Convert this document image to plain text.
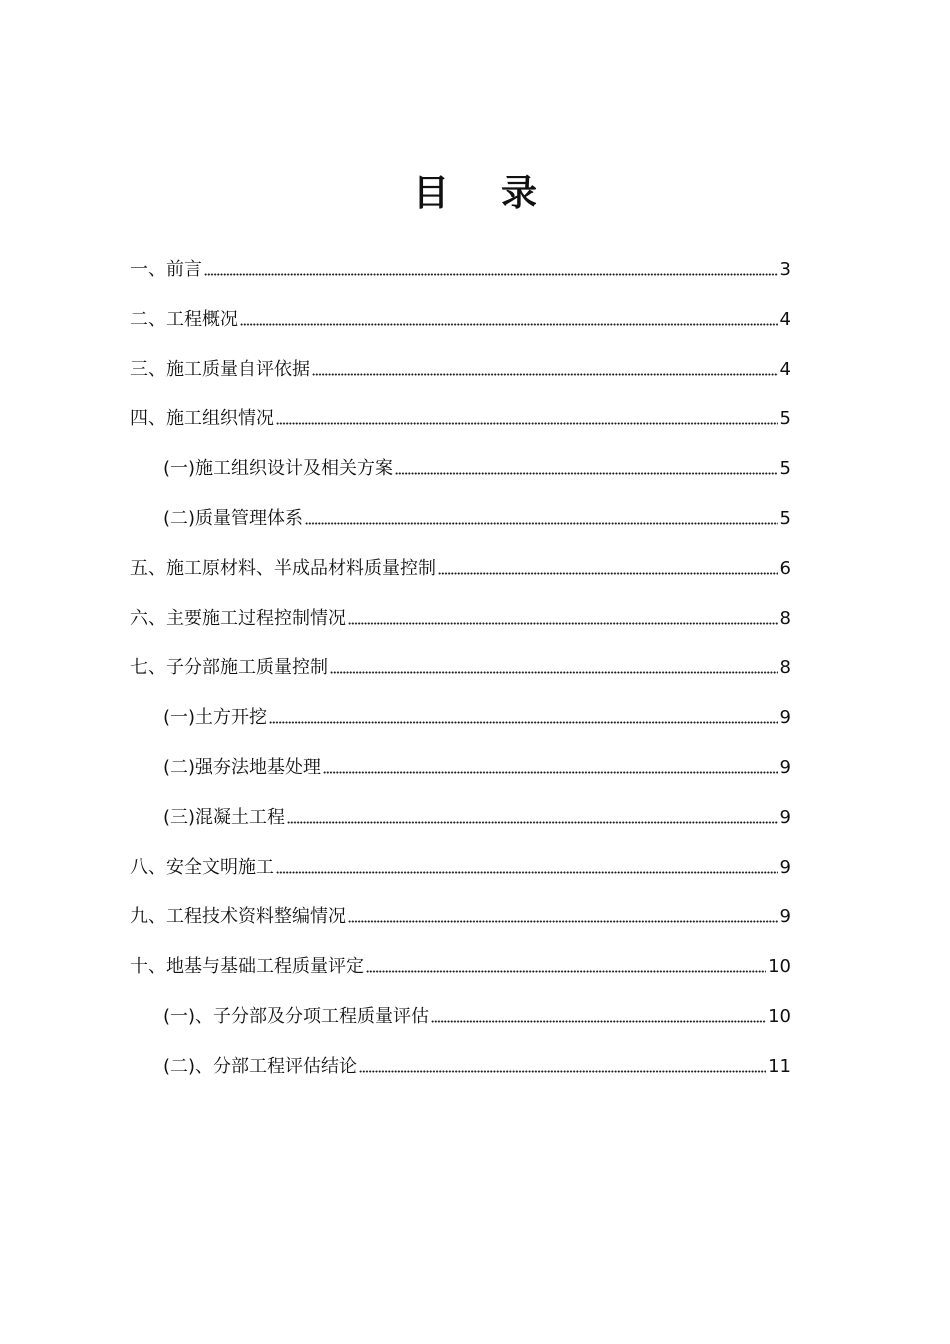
目 录
一、前言	3
二、工程概况	4
三、施工质量自评依据	4
四、施工组织情况	5
(一)施工组织设计及相关方案	5
(二)质量管理体系	5
五、施工原材料、半成品材料质量控制	6
六、主要施工过程控制情况	8
七、子分部施工质量控制	8
(一)土方开挖	9
(二)强夯法地基处理	9
(三)混凝土工程	9
八、安全文明施工	9
九、工程技术资料整编情况	9
十、地基与基础工程质量评定	10
(一)、子分部及分项工程质量评估	10
(二)、分部工程评估结论	11
